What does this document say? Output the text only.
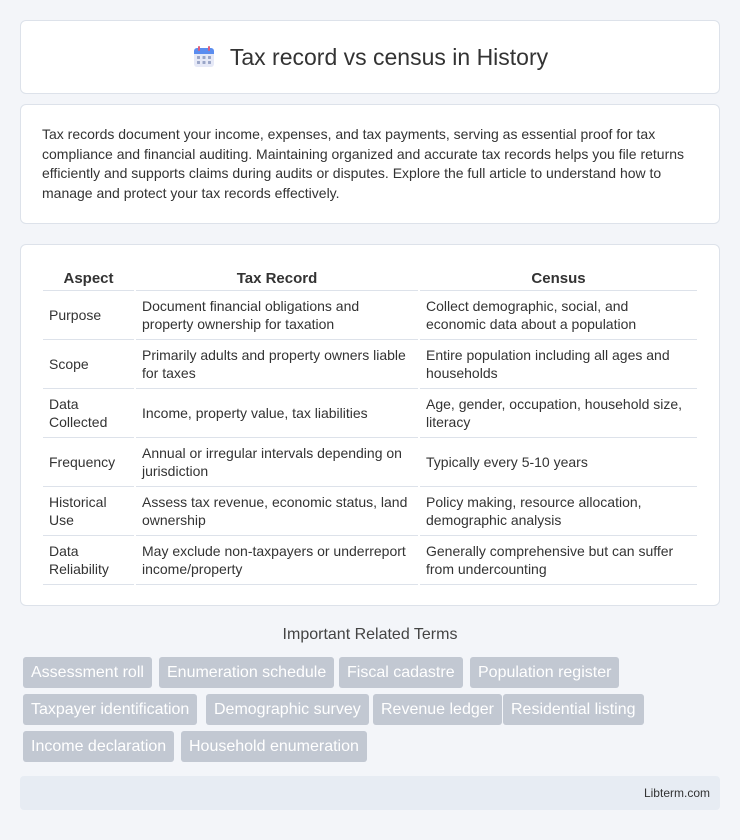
Tax record vs census in History

Tax records document your income, expenses, and tax payments, serving as essential proof for tax compliance and financial auditing. Maintaining organized and accurate tax records helps you file returns efficiently and supports claims during audits or disputes. Explore the full article to understand how to manage and protect your tax records effectively.

Aspect	Tax Record	Census
Purpose	Document financial obligations and property ownership for taxation	Collect demographic, social, and economic data about a population
Scope	Primarily adults and property owners liable for taxes	Entire population including all ages and households
Data Collected	Income, property value, tax liabilities	Age, gender, occupation, household size, literacy
Frequency	Annual or irregular intervals depending on jurisdiction	Typically every 5-10 years
Historical Use	Assess tax revenue, economic status, land ownership	Policy making, resource allocation, demographic analysis
Data Reliability	May exclude non-taxpayers or underreport income/property	Generally comprehensive but can suffer from undercounting
Important Related Terms
Assessment roll	Enumeration schedule	Fiscal cadastre	Population register
Taxpayer identification	Demographic survey	Revenue ledger	Residential listing
Income declaration	Household enumeration
Libterm.com
